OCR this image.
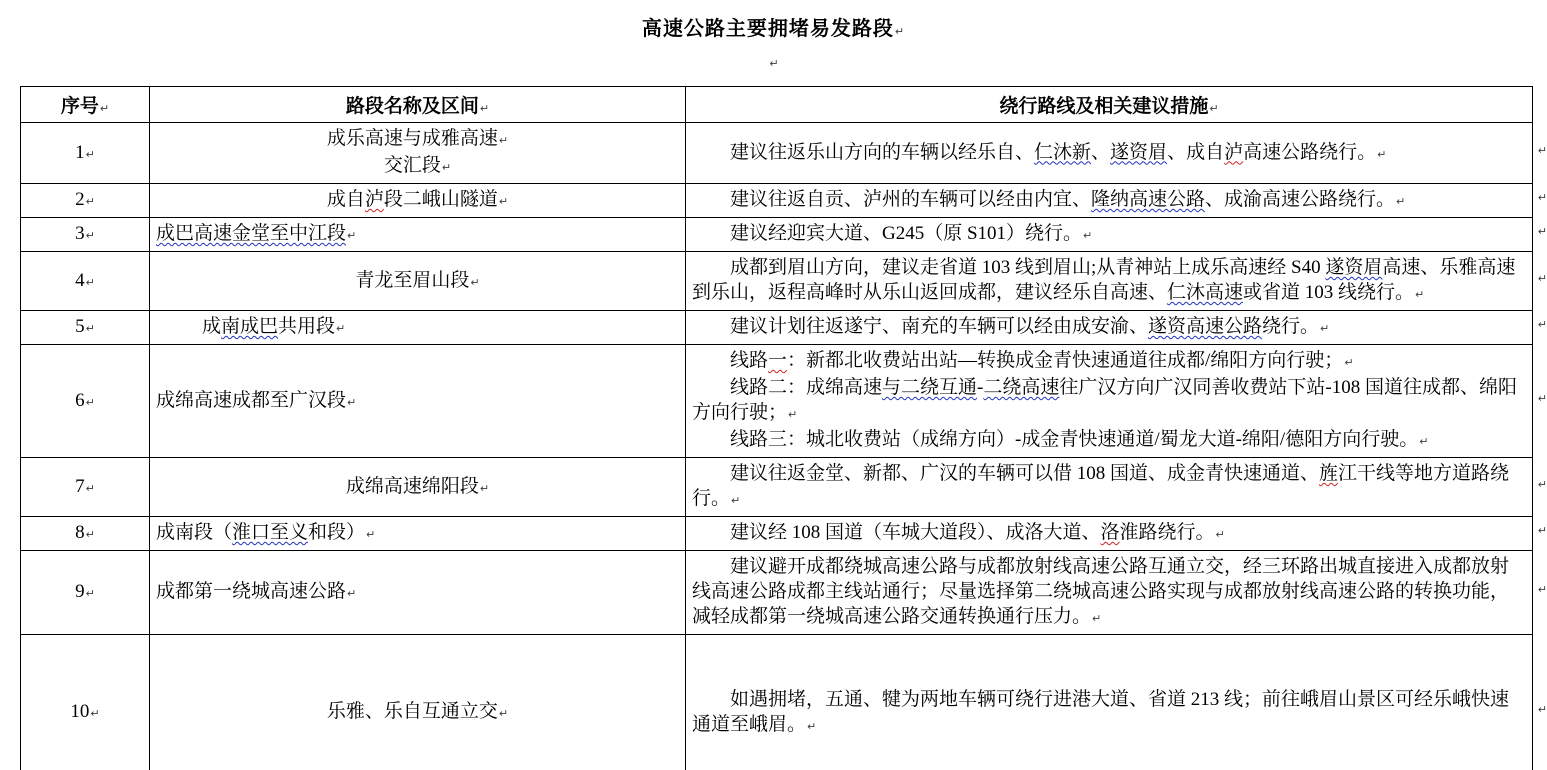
高速公路主要拥堵易发路段↵
↵
序号↵	路段名称及区间↵	绕行路线及相关建议措施↵
1↵	成乐高速与成雅高速↵
交汇段↵	建议往返乐山方向的车辆以经乐自、仁沐新、遂资眉、成自泸高速公路绕行。↵

2↵	成自泸段二峨山隧道↵	建议往返自贡、泸州的车辆可以经由内宜、隆纳高速公路、成渝高速公路绕行。↵

3↵	成巴高速金堂至中江段↵	建议经迎宾大道、G245（原 S101）绕行。↵

4↵	青龙至眉山段↵	成都到眉山方向，建议走省道 103 线到眉山;从青神站上成乐高速经 S40 遂资眉高速、乐雅高速到乐山，返程高峰时从乐山返回成都，建议经乐自高速、仁沐高速或省道 103 线绕行。↵

5↵	成南成巴共用段↵	建议计划往返遂宁、南充的车辆可以经由成安渝、遂资高速公路绕行。↵

6↵	成绵高速成都至广汉段↵	线路一：新都北收费站出站—转换成金青快速通道往成都/绵阳方向行驶；↵
线路二：成绵高速与二绕互通-二绕高速往广汉方向广汉同善收费站下站-108 国道往成都、绵阳方向行驶；↵
线路三：城北收费站（成绵方向）-成金青快速通道/蜀龙大道-绵阳/德阳方向行驶。↵

7↵	成绵高速绵阳段↵	建议往返金堂、新都、广汉的车辆可以借 108 国道、成金青快速通道、旌江干线等地方道路绕行。↵

8↵	成南段（淮口至义和段）↵	建议经 108 国道（车城大道段）、成洛大道、洛淮路绕行。↵

9↵	成都第一绕城高速公路↵	建议避开成都绕城高速公路与成都放射线高速公路互通立交，经三环路出城直接进入成都放射线高速公路成都主线站通行；尽量选择第二绕城高速公路实现与成都放射线高速公路的转换功能，减轻成都第一绕城高速公路交通转换通行压力。↵

10↵	乐雅、乐自互通立交↵	如遇拥堵，五通、犍为两地车辆可绕行进港大道、省道 213 线；前往峨眉山景区可经乐峨快速通道至峨眉。↵
↵
↵
↵
↵
↵
↵
↵
↵
↵
↵
